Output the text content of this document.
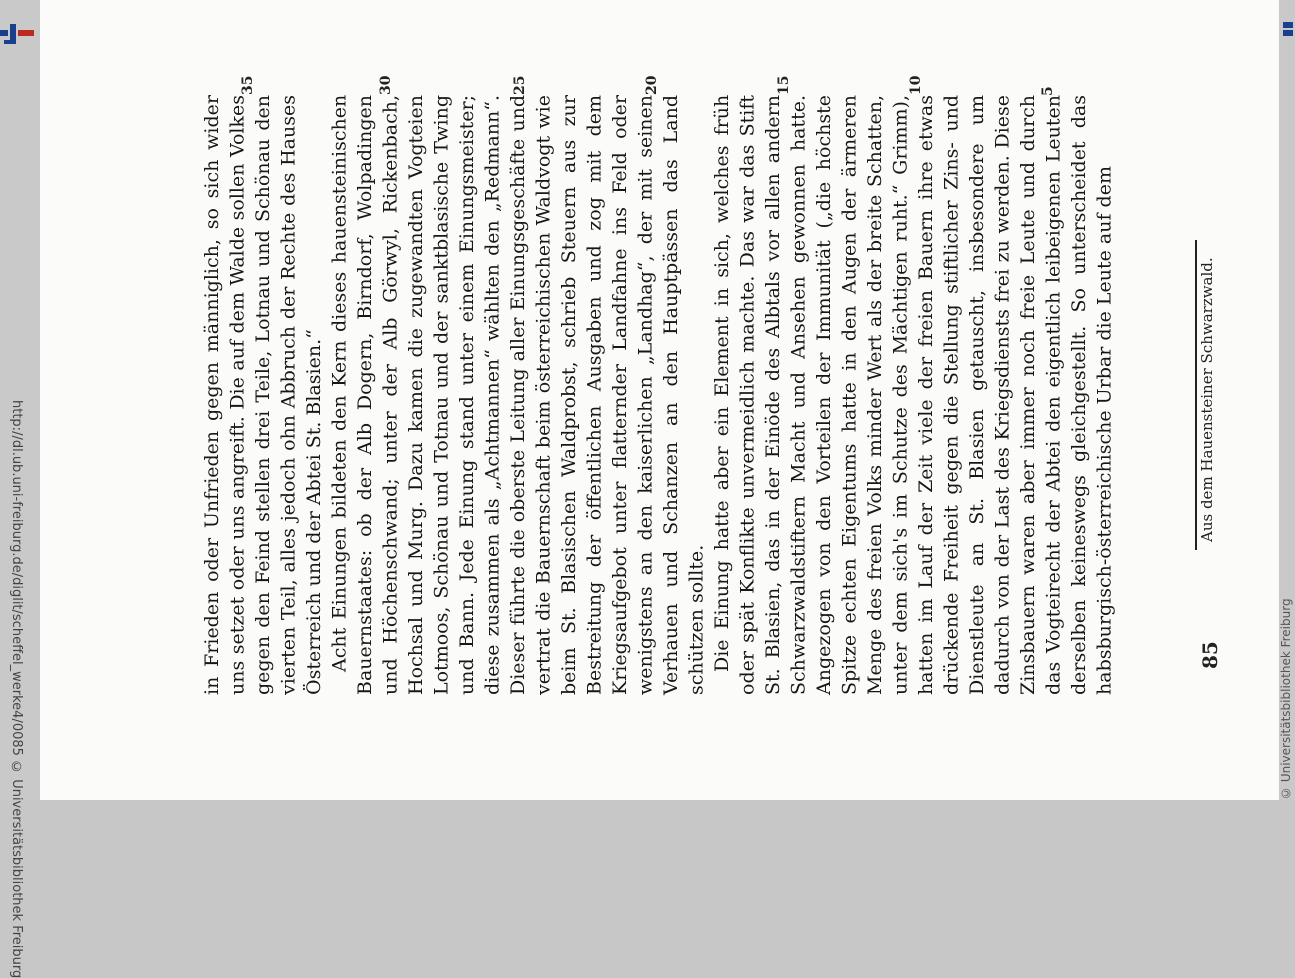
http://dl.ub.uni-freiburg.de/diglit/scheffel_werke4/0085 © Universitätsbibliothek Freiburg

in Frieden oder Unfrieden gegen männiglich, so sich wider uns setzet oder uns angreift. Die auf dem Walde sollen Volkes gegen den Feind stellen drei Teile, Lotnau und Schönau den vierten Teil, alles jedoch ohn Abbruch der Rechte des Hauses Österreich und der Abtei St. Blasien.“ Acht Einungen bildeten den Kern dieses hauensteinischen Bauernstaates: ob der Alb Dogern, Birndorf, Wolpadingen und Höchenschwand; unter der Alb Görwyl, Rickenbach, Hochsal und Murg. Dazu kamen die zugewandten Vogteien Lotmoos, Schönau und Totnau und der sanktblasische Twing und Bann. Jede Einung stand unter einem Einungsmeister; diese zusammen als „Achtmannen“ wählten den „Redmann“. Dieser führte die oberste Leitung aller Einungsgeschäfte und vertrat die Bauernschaft beim österreichischen Waldvogt wie beim St. Blasischen Waldprobst, schrieb Steuern aus zur Bestreitung der öffentlichen Ausgaben und zog mit dem Kriegsaufgebot unter flatternder Landfahne ins Feld oder wenigstens an den kaiserlichen „Landhag“, der mit seinen Verhauen und Schanzen an den Hauptpässen das Land schützen sollte. Die Einung hatte aber ein Element in sich, welches früh oder spät Konflikte unvermeidlich machte. Das war das Stift St. Blasien, das in der Einöde des Albtals vor allen andern Schwarzwaldstiftern Macht und Ansehen gewonnen hatte. Angezogen von den Vorteilen der Immunität („die höchste Spitze echten Eigentums hatte in den Augen der ärmeren Menge des freien Volks minder Wert als der breite Schatten, unter dem sich's im Schutze des Mächtigen ruht.“ Grimm), hatten im Lauf der Zeit viele der freien Bauern ihre etwas drückende Freiheit gegen die Stellung stiftlicher Zins- und Dienstleute an St. Blasien getauscht, insbesondere um dadurch von der Last des Kriegsdiensts frei zu werden. Diese Zinsbauern waren aber immer noch freie Leute und durch das Vogteirecht der Abtei den eigentlich leibeigenen Leuten derselben keineswegs gleichgestellt. So unterscheidet das habsburgisch-österreichische Urbar die Leute auf dem	Aus dem Hauensteiner Schwarzwald.
85
5
10
15
20
25
30
35
© Universitätsbibliothek Freiburg
